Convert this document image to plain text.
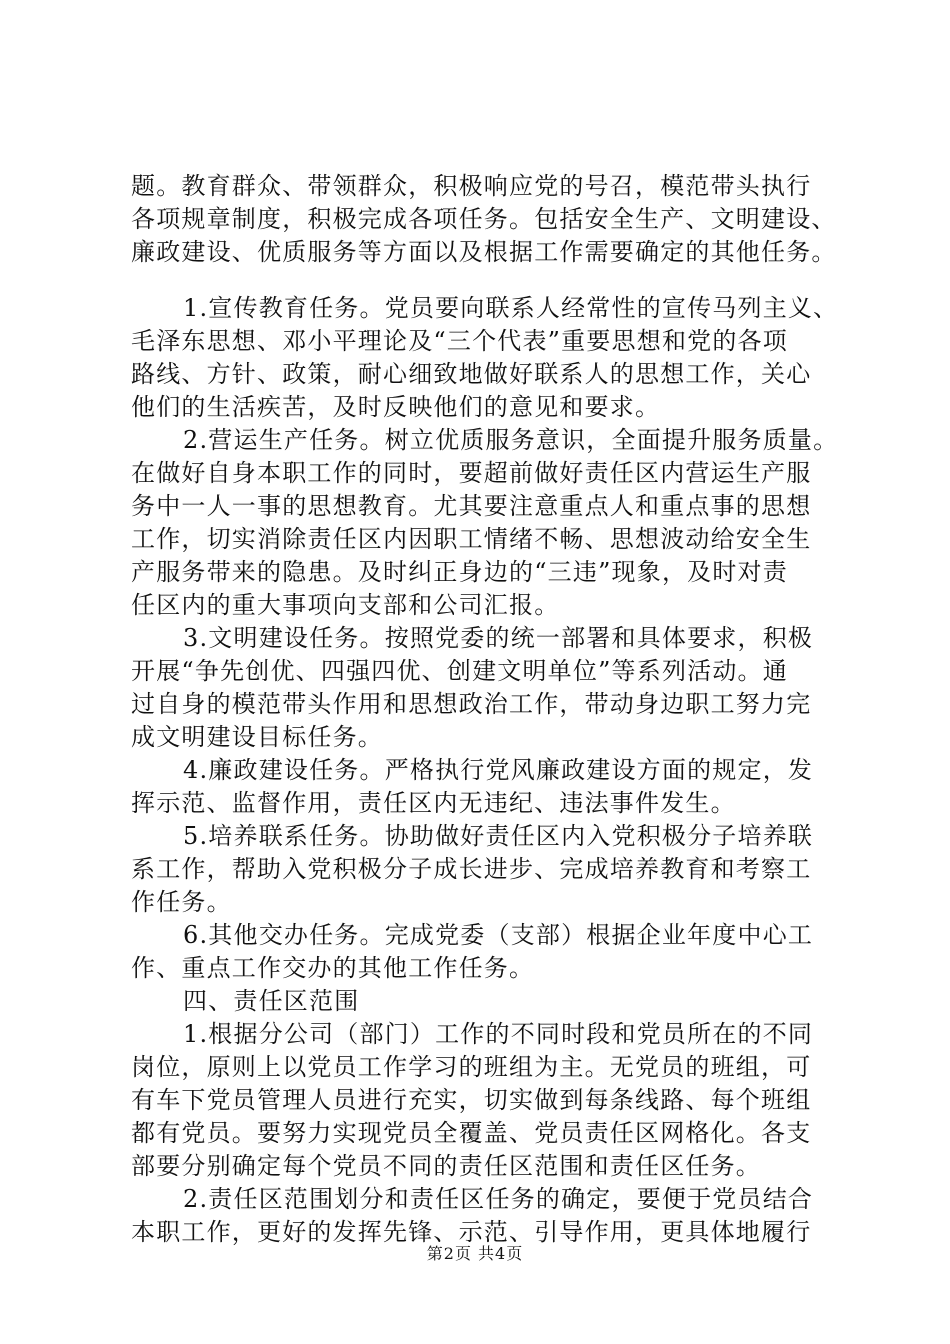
题。教育群众、带领群众，积极响应党的号召，模范带头执行
各项规章制度，积极完成各项任务。包括安全生产、文明建设、
廉政建设、优质服务等方面以及根据工作需要确定的其他任务。
1.宣传教育任务。党员要向联系人经常性的宣传马列主义、
毛泽东思想、邓小平理论及“三个代表”重要思想和党的各项
路线、方针、政策，耐心细致地做好联系人的思想工作，关心
他们的生活疾苦，及时反映他们的意见和要求。
2.营运生产任务。树立优质服务意识，全面提升服务质量。
在做好自身本职工作的同时，要超前做好责任区内营运生产服
务中一人一事的思想教育。尤其要注意重点人和重点事的思想
工作，切实消除责任区内因职工情绪不畅、思想波动给安全生
产服务带来的隐患。及时纠正身边的“三违”现象，及时对责
任区内的重大事项向支部和公司汇报。
3.文明建设任务。按照党委的统一部署和具体要求，积极
开展“争先创优、四强四优、创建文明单位”等系列活动。通
过自身的模范带头作用和思想政治工作，带动身边职工努力完
成文明建设目标任务。
4.廉政建设任务。严格执行党风廉政建设方面的规定，发
挥示范、监督作用，责任区内无违纪、违法事件发生。
5.培养联系任务。协助做好责任区内入党积极分子培养联
系工作，帮助入党积极分子成长进步、完成培养教育和考察工
作任务。
6.其他交办任务。完成党委（支部）根据企业年度中心工
作、重点工作交办的其他工作任务。
四、责任区范围
1.根据分公司（部门）工作的不同时段和党员所在的不同
岗位，原则上以党员工作学习的班组为主。无党员的班组，可
有车下党员管理人员进行充实，切实做到每条线路、每个班组
都有党员。要努力实现党员全覆盖、党员责任区网格化。各支
部要分别确定每个党员不同的责任区范围和责任区任务。
2.责任区范围划分和责任区任务的确定，要便于党员结合
本职工作，更好的发挥先锋、示范、引导作用，更具体地履行
第2页 共4页
